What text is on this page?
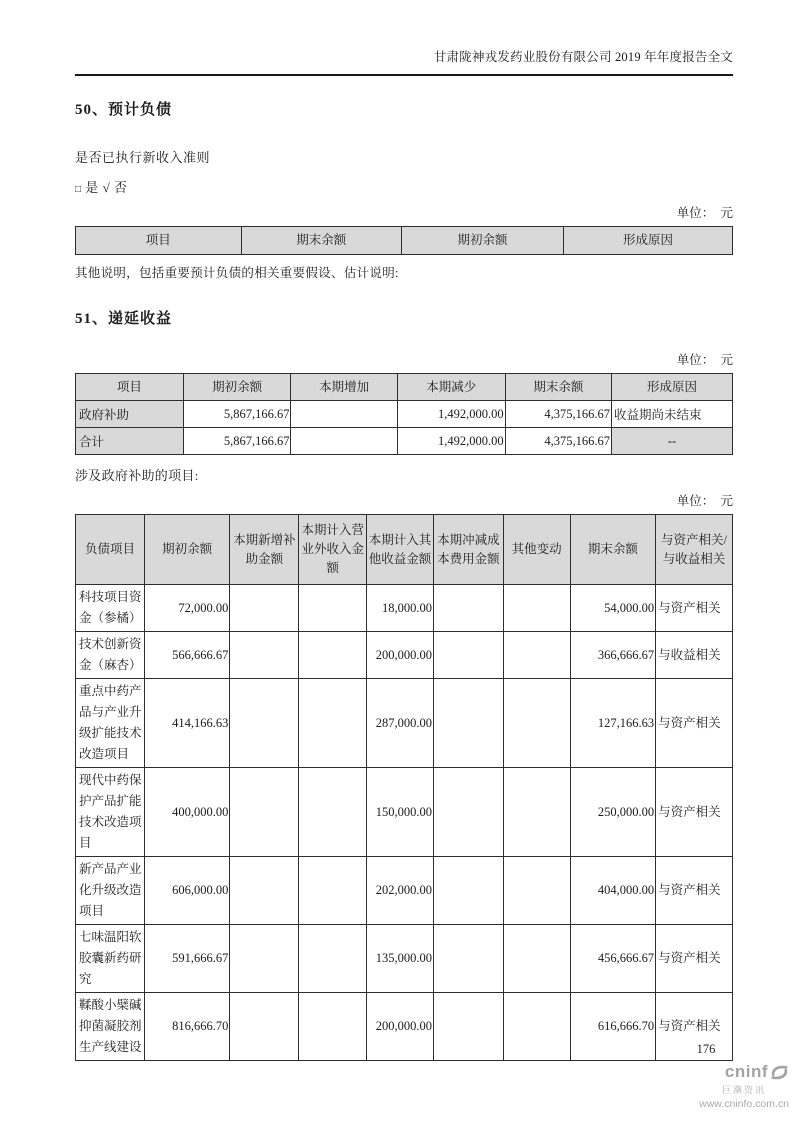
甘肃陇神戎发药业股份有限公司 2019 年年度报告全文
50、预计负债
是否已执行新收入准则
□ 是 √ 否
单位：　元
项目	期末余额	期初余额	形成原因
其他说明，包括重要预计负债的相关重要假设、估计说明:
51、递延收益
单位：　元
项目	期初余额	本期增加	本期减少	期末余额	形成原因
政府补助	5,867,166.67		1,492,000.00	4,375,166.67	收益期尚未结束
合计	5,867,166.67		1,492,000.00	4,375,166.67	--
涉及政府补助的项目:
单位：　元
负债项目	期初余额	本期新增补助金额	本期计入营业外收入金额	本期计入其他收益金额	本期冲减成本费用金额	其他变动	期末余额	与资产相关/与收益相关
科技项目资金（参橘）	72,000.00			18,000.00			54,000.00	与资产相关
技术创新资金（麻杏）	566,666.67			200,000.00			366,666.67	与收益相关
重点中药产品与产业升级扩能技术改造项目	414,166.63			287,000.00			127,166.63	与资产相关
现代中药保护产品扩能技术改造项目	400,000.00			150,000.00			250,000.00	与资产相关
新产品产业化升级改造项目	606,000.00			202,000.00			404,000.00	与资产相关
七味温阳软胶囊新药研究	591,666.67			135,000.00			456,666.67	与资产相关
鞣酸小檗碱抑菌凝胶剂生产线建设	816,666.70			200,000.00			616,666.70	与资产相关
176
cninf
巨潮资讯
www.cninfo.com.cn
